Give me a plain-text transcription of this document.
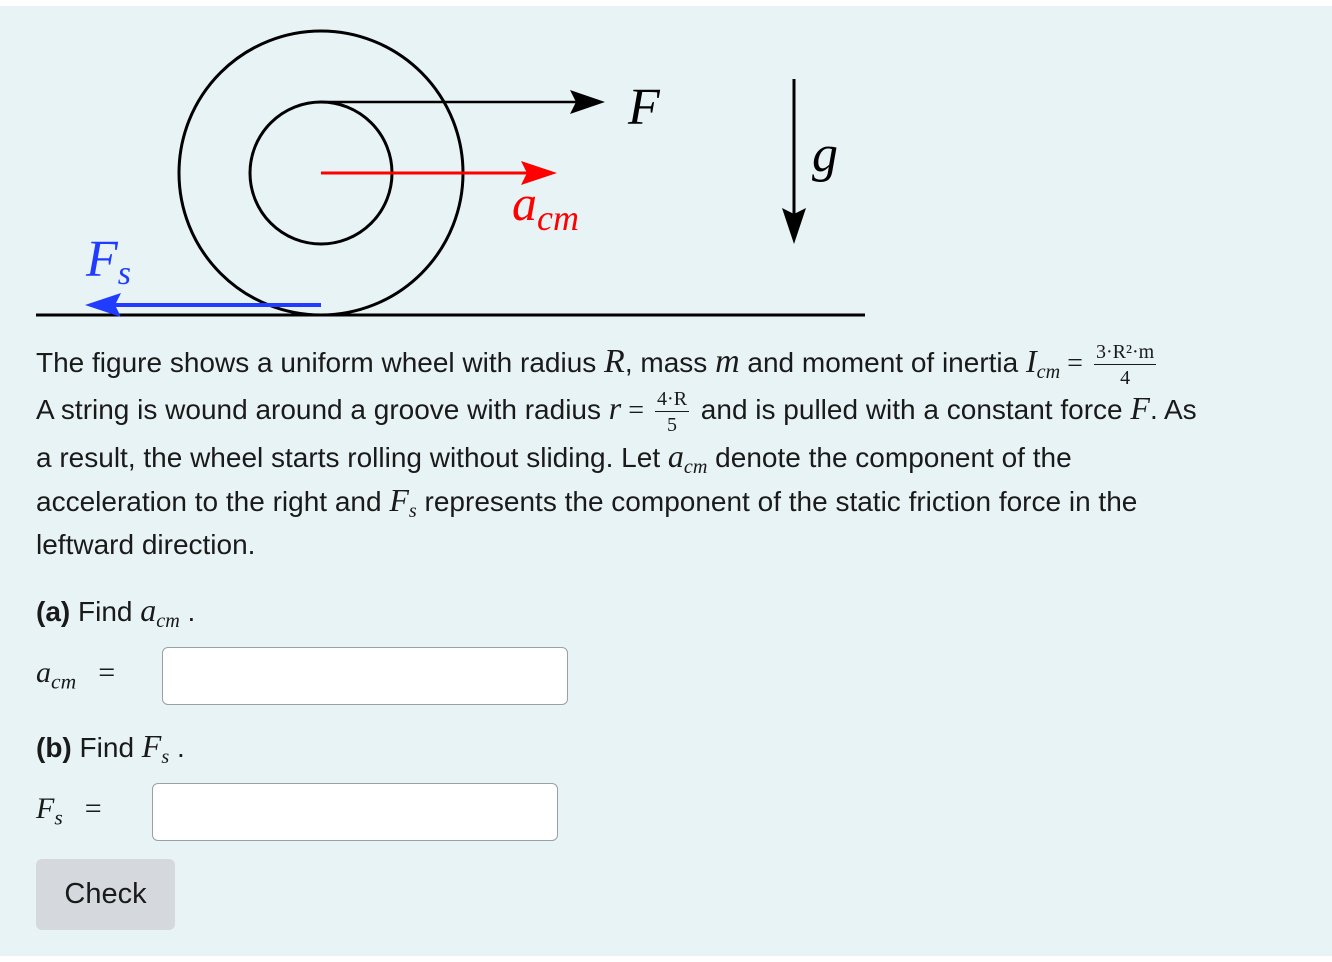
F
g
acm
Fs
The figure shows a uniform wheel with radius R, mass m and moment of inertia $I_{cm} = \frac{\text{3·R²·m}}{4}$
A string is wound around a groove with radius $r = \frac{4\cdot R}{5}$ and is pulled with a constant force F. As
a result, the wheel starts rolling without sliding. Let $a_{cm}$ denote the component of the
acceleration to the right and $F_s$ represents the component of the static friction force in the
leftward direction.
(a) Find $a_{cm}$ .
$a_{cm}$ =
(b) Find $F_s$ .
$F_s$ =
Check
